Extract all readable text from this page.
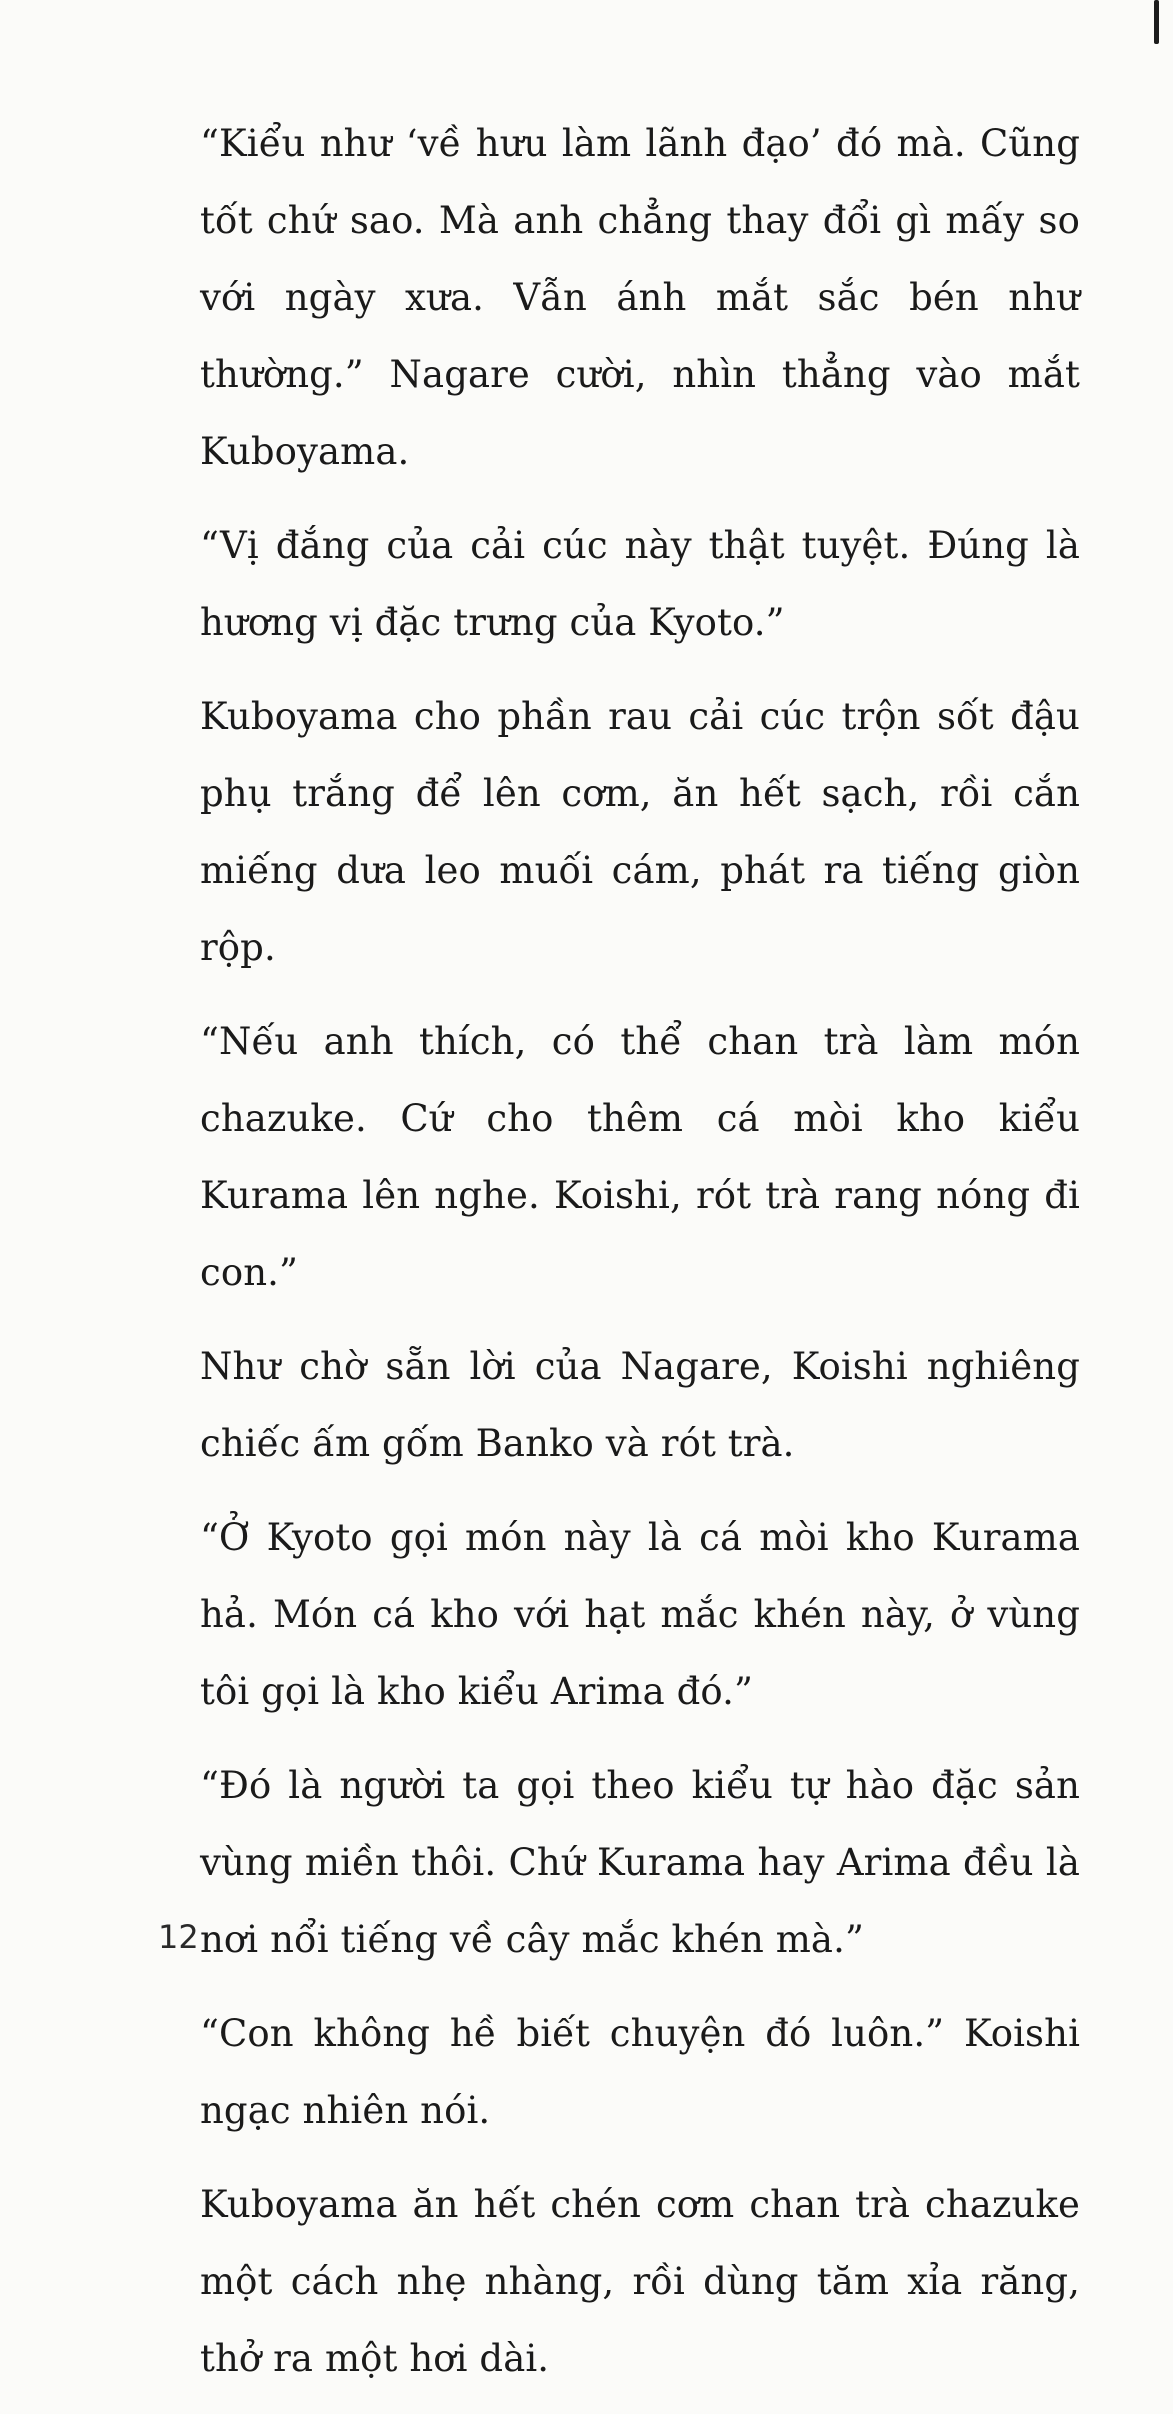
“Kiểu như ‘về hưu làm lãnh đạo’ đó mà. Cũng tốt chứ sao. Mà anh chẳng thay đổi gì mấy so với ngày xưa. Vẫn ánh mắt sắc bén như thường.” Nagare cười, nhìn thẳng vào mắt Kuboyama.

“Vị đắng của cải cúc này thật tuyệt. Đúng là hương vị đặc trưng của Kyoto.”

Kuboyama cho phần rau cải cúc trộn sốt đậu phụ trắng để lên cơm, ăn hết sạch, rồi cắn miếng dưa leo muối cám, phát ra tiếng giòn rộp.

“Nếu anh thích, có thể chan trà làm món chazuke. Cứ cho thêm cá mòi kho kiểu Kurama lên nghe. Koishi, rót trà rang nóng đi con.”

Như chờ sẵn lời của Nagare, Koishi nghiêng chiếc ấm gốm Banko và rót trà.

“Ở Kyoto gọi món này là cá mòi kho Kurama hả. Món cá kho với hạt mắc khén này, ở vùng tôi gọi là kho kiểu Arima đó.”

“Đó là người ta gọi theo kiểu tự hào đặc sản vùng miền thôi. Chứ Kurama hay Arima đều là nơi nổi tiếng về cây mắc khén mà.”

“Con không hề biết chuyện đó luôn.” Koishi ngạc nhiên nói.

Kuboyama ăn hết chén cơm chan trà chazuke một cách nhẹ nhàng, rồi dùng tăm xỉa răng, thở ra một hơi dài.

12
